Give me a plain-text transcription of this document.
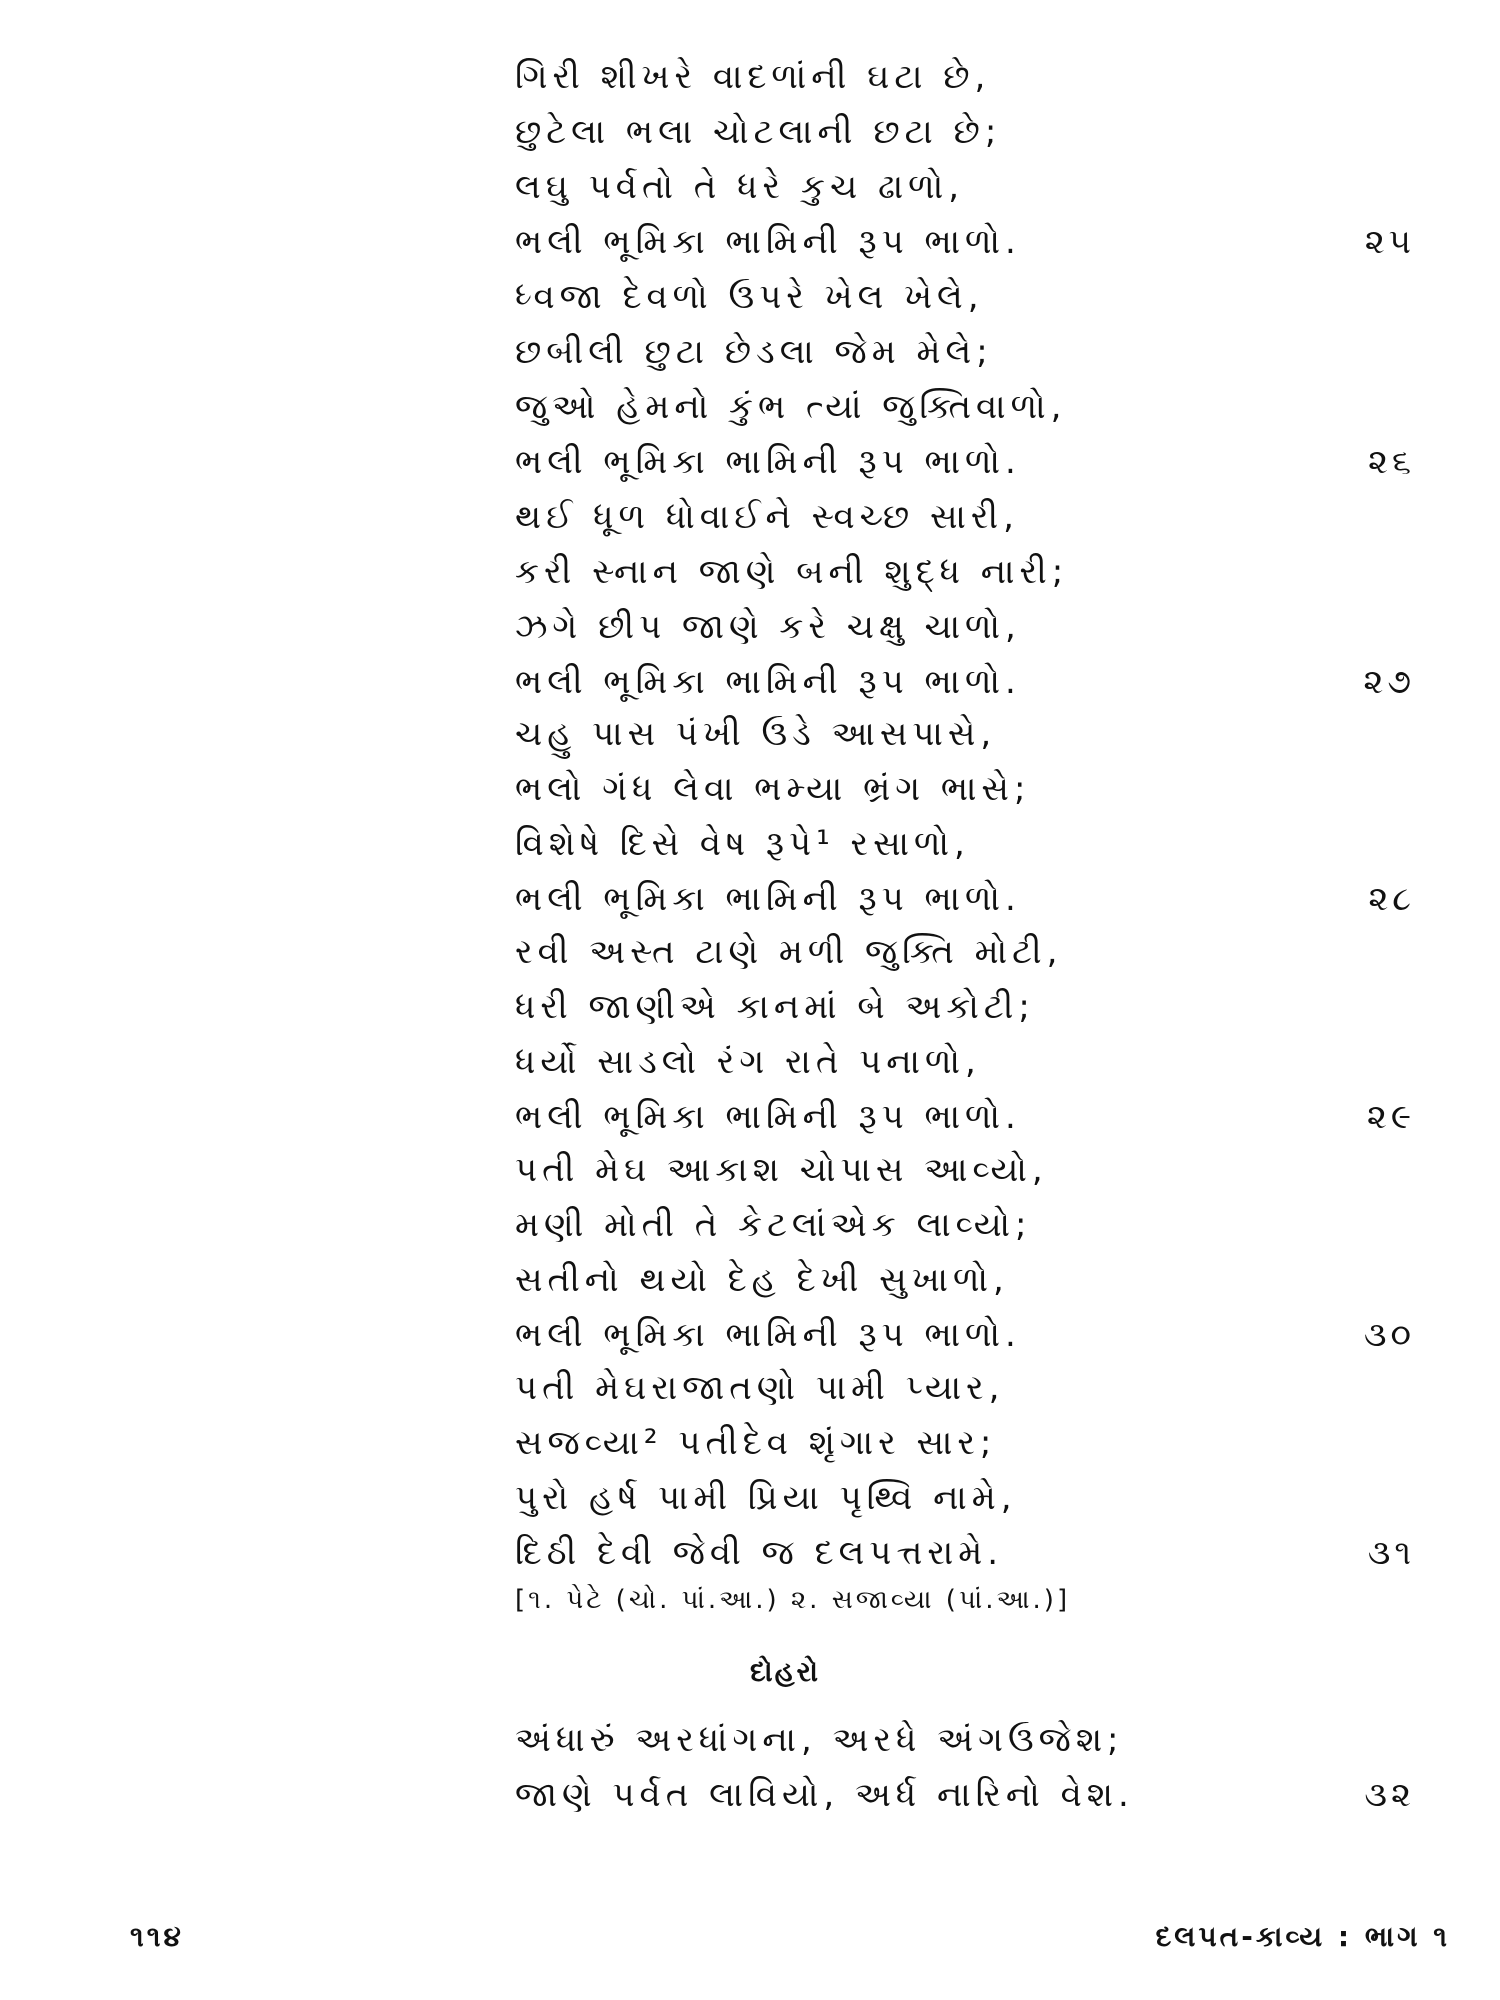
ગિરી શીખરે વાદળાંની ઘટા છે,
છુટેલા ભલા ચોટલાની છટા છે;
લઘુ પર્વતો તે ધરે કુચ ઢાળો,
ભલી ભૂમિકા ભામિની રૂપ ભાળો.	૨૫
ધ્વજા દેવળો ઉપરે ખેલ ખેલે,
છબીલી છુટા છેડલા જેમ મેલે;
જુઓ હેમનો કુંભ ત્યાં જુક્તિવાળો,
ભલી ભૂમિકા ભામિની રૂપ ભાળો.	૨૬
થઈ ધૂળ ધોવાઈને સ્વચ્છ સારી,
કરી સ્નાન જાણે બની શુદ્ધ નારી;
ઝગે છીપ જાણે કરે ચક્ષુ ચાળો,
ભલી ભૂમિકા ભામિની રૂપ ભાળો.	૨૭
ચહુ પાસ પંખી ઉડે આસપાસે,
ભલો ગંધ લેવા ભમ્યા ભ્રંગ ભાસે;
વિશેષે દિસે વેષ રૂપે¹ રસાળો,
ભલી ભૂમિકા ભામિની રૂપ ભાળો.	૨૮
રવી અસ્ત ટાણે મળી જુક્તિ મોટી,
ધરી જાણીએ કાનમાં બે અકોટી;
ધર્યો સાડલો રંગ રાતે પનાળો,
ભલી ભૂમિકા ભામિની રૂપ ભાળો.	૨૯
પતી મેઘ આકાશ ચોપાસ આવ્યો,
મણી મોતી તે કેટલાંએક લાવ્યો;
સતીનો થયો દેહ દેખી સુખાળો,
ભલી ભૂમિકા ભામિની રૂપ ભાળો.	૩૦
પતી મેઘરાજાતણો પામી પ્યાર,
સજવ્યા² પતીદેવ શૃંગાર સાર;
પુરો હર્ષ પામી પ્રિયા પૃથ્વિ નામે,
દિઠી દેવી જેવી જ દલપત્તરામે.	૩૧
[૧. પેટે (ચો. પાં.આ.) ૨. સજાવ્યા (પાં.આ.)]
દોહરો
અંધારું અરધાંગના, અરધે અંગઉજેશ;
જાણે પર્વત લાવિયો, અર્ધ નારિનો વેશ.	૩૨
૧૧૪	દલપત-કાવ્ય : ભાગ ૧
